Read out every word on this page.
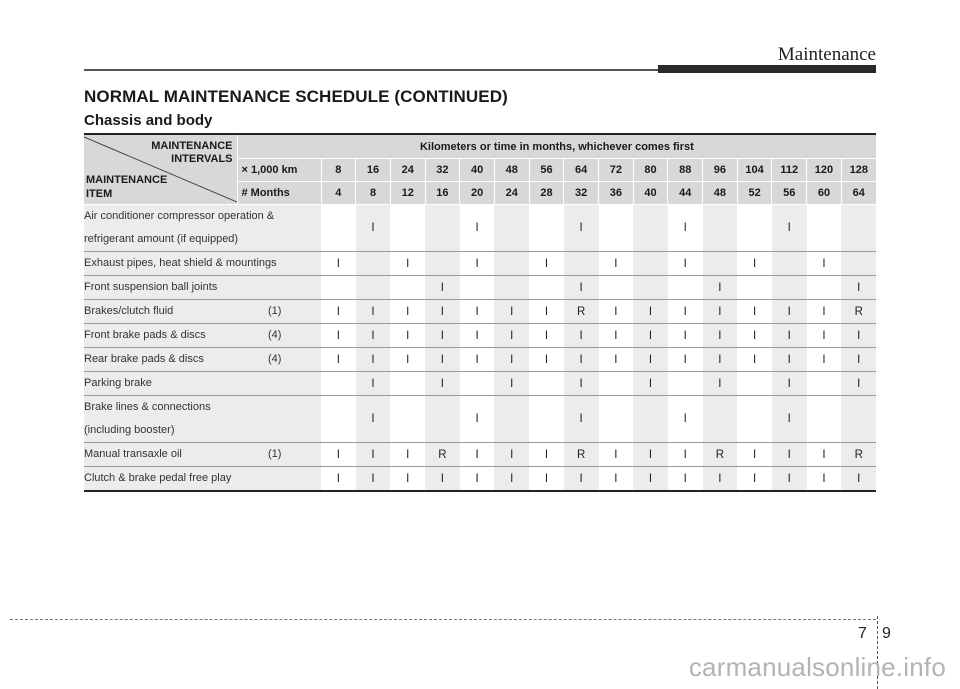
Maintenance
NORMAL MAINTENANCE SCHEDULE (CONTINUED)
Chassis and body
MAINTENANCE
INTERVALS
MAINTENANCE
ITEM	Kilometers or time in months, whichever comes first																
	× 1,000 km	8	16	24	32	40	48	56	64	72	80	88	96	104	112	120	128
	# Months	4	8	12	16	20	24	28	32	36	40	44	48	52	56	60	64

Air conditioner compressor operation &
refrigerant amount (if equipped)			I			I			I			I			I		

Exhaust pipes, heat shield & mountings		I		I		I		I		I		I		I		I	

Front suspension ball joints					I				I				I				I

Brakes/clutch fluid (1)		I	I	I	I	I	I	I	R	I	I	I	I	I	I	I	R

Front brake pads & discs (4)		I	I	I	I	I	I	I	I	I	I	I	I	I	I	I	I

Rear brake pads & discs (4)		I	I	I	I	I	I	I	I	I	I	I	I	I	I	I	I

Parking brake			I		I		I		I		I		I		I		I

Brake lines & connections
(including booster)			I			I			I			I			I		

Manual transaxle oil (1)		I	I	I	R	I	I	I	R	I	I	I	R	I	I	I	R

Clutch & brake pedal free play		I	I	I	I	I	I	I	I	I	I	I	I	I	I	I	I
7 9
carmanualsonline.info
